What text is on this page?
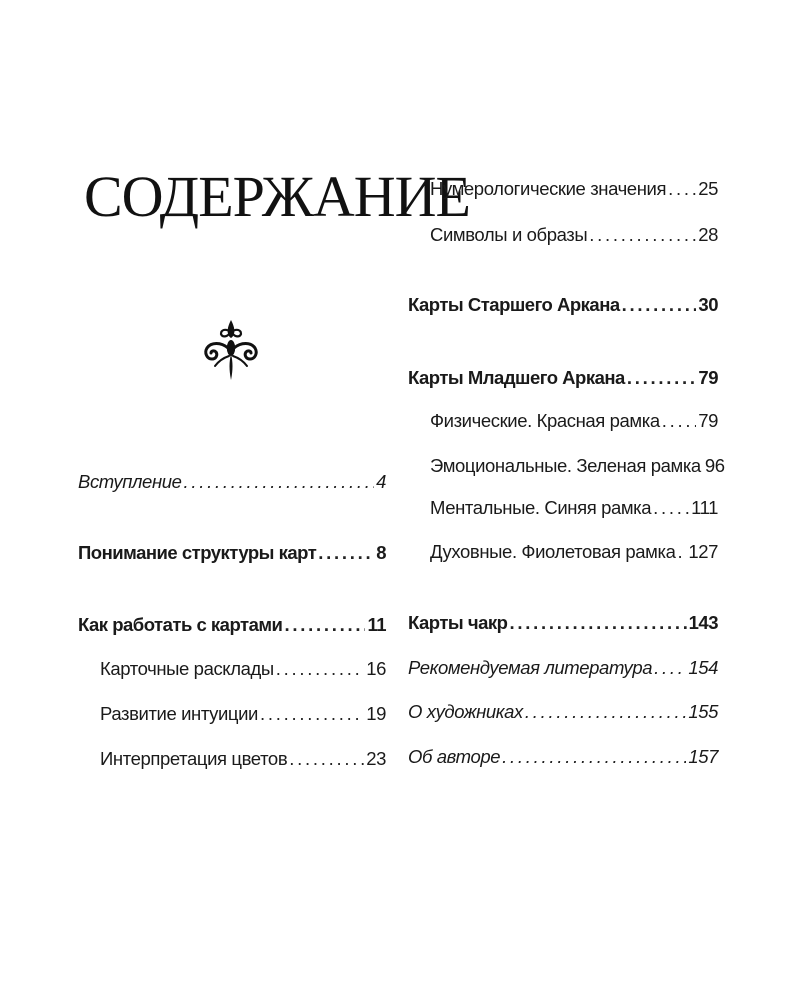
СОДЕРЖАНИЕ
Вступление . . .	4
Понимание структуры карт . . .	8
Как работать с картами . . .	11
Карточные расклады . . .	16
Развитие интуиции . . .	19
Интерпретация цветов . . .	23
Нумерологические значения . . . 25
Символы и образы . . .	28
Карты Старшего Аркана . . .	30
Карты Младшего Аркана . . .	79
Физические. Красная рамка . . . 79
Эмоциональные. Зеленая рамка 96
Ментальные. Синяя рамка . . . 111
Духовные. Фиолетовая рамка . . . 127
Карты чакр . . .	143
Рекомендуемая литература . . . 154
О художниках . . .	155
Об авторе . . .	157
